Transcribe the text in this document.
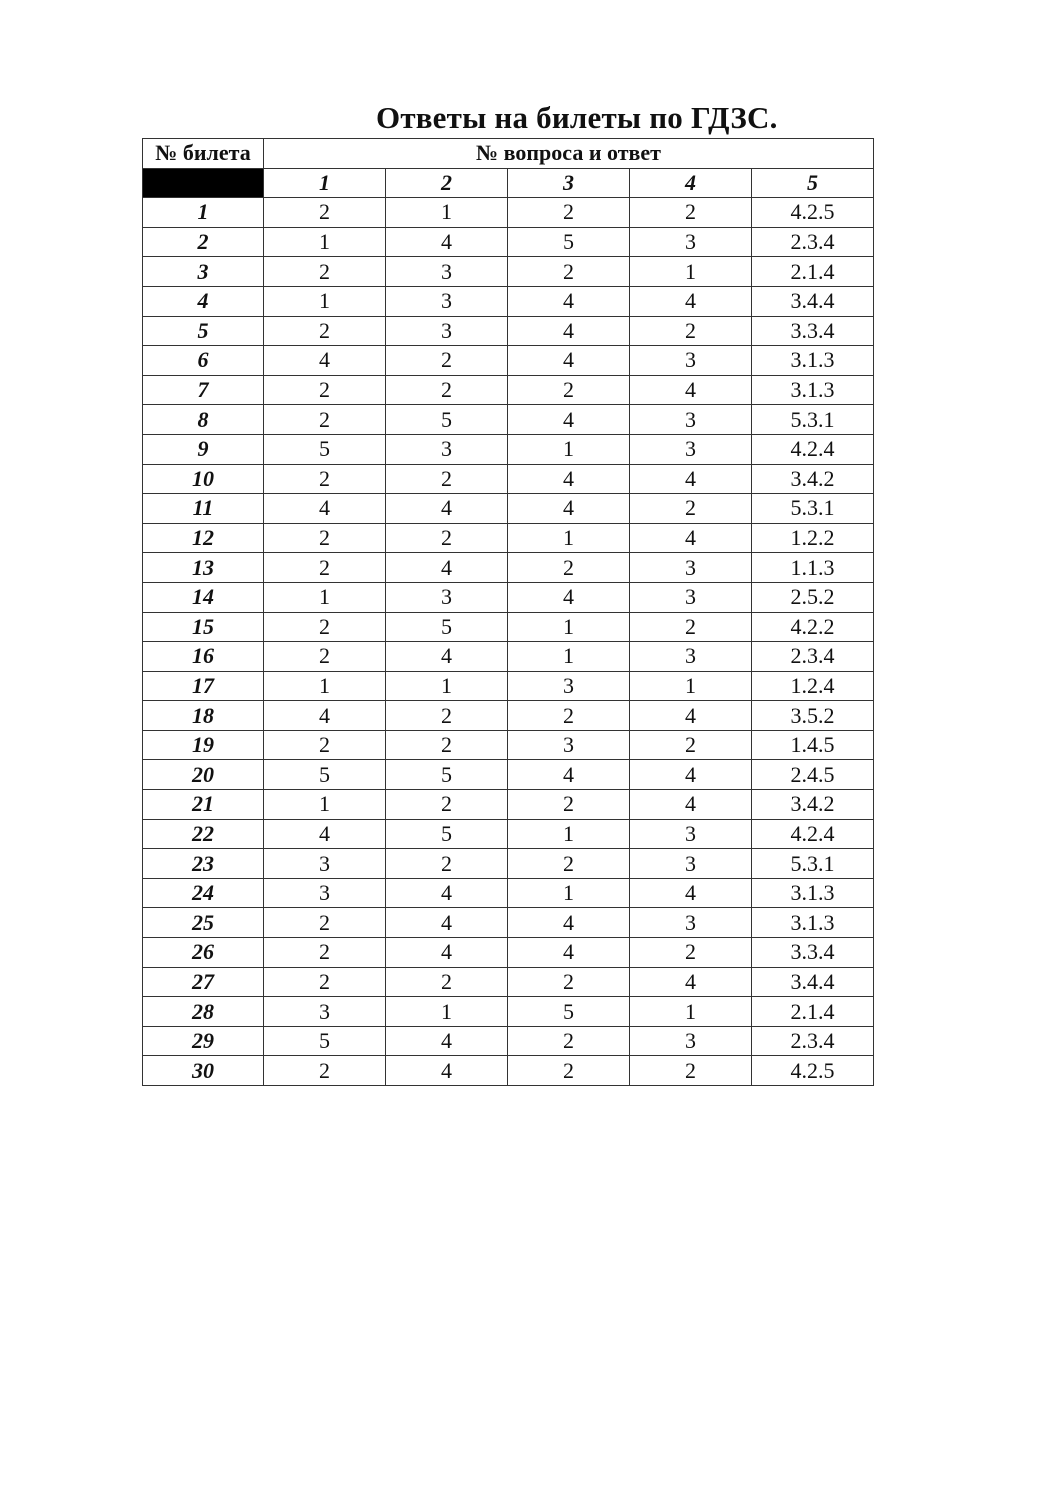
Ответы на билеты по ГДЗС.
№ билета	№ вопроса и ответ				
	1	2	3	4	5
1	2	1	2	2	4.2.5
2	1	4	5	3	2.3.4
3	2	3	2	1	2.1.4
4	1	3	4	4	3.4.4
5	2	3	4	2	3.3.4
6	4	2	4	3	3.1.3
7	2	2	2	4	3.1.3
8	2	5	4	3	5.3.1
9	5	3	1	3	4.2.4
10	2	2	4	4	3.4.2
11	4	4	4	2	5.3.1
12	2	2	1	4	1.2.2
13	2	4	2	3	1.1.3
14	1	3	4	3	2.5.2
15	2	5	1	2	4.2.2
16	2	4	1	3	2.3.4
17	1	1	3	1	1.2.4
18	4	2	2	4	3.5.2
19	2	2	3	2	1.4.5
20	5	5	4	4	2.4.5
21	1	2	2	4	3.4.2
22	4	5	1	3	4.2.4
23	3	2	2	3	5.3.1
24	3	4	1	4	3.1.3
25	2	4	4	3	3.1.3
26	2	4	4	2	3.3.4
27	2	2	2	4	3.4.4
28	3	1	5	1	2.1.4
29	5	4	2	3	2.3.4
30	2	4	2	2	4.2.5
